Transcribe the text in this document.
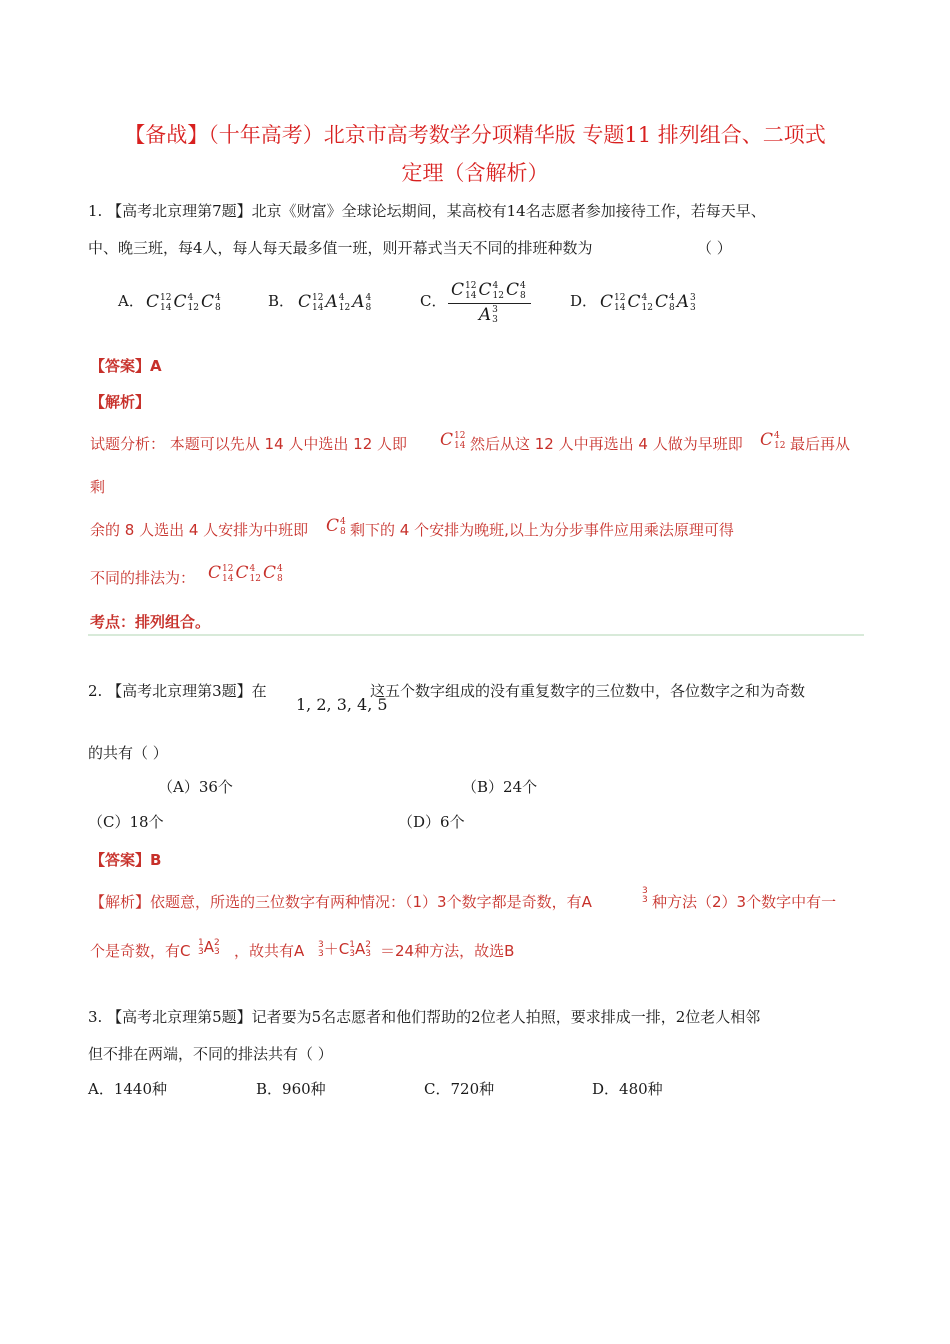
【备战】（十年高考）北京市高考数学分项精华版 专题11 排列组合、二项式
定理（含解析）
1. 【高考北京理第7题】北京《财富》全球论坛期间，某高校有14名志愿者参加接待工作，若每天早、
中、晚三班，每4人，每人每天最多值一班，则开幕式当天不同的排班种数为	（ ）
A． C 12
14 C 4
12 C 4
8	B． C 12
14 A 4
12 A 4
8	C． C 12
14 C 4
12 C 4
8
A 3
3	D． C 12
14 C 4
12 C 4
8 A 3
3
【答案】A
【解析】
试题分析： 本题可以先从 14 人中选出 12 人即 C 12
14 然后从这 12 人中再选出 4 人做为早班即 C 4
12 最后再从
剩
余的 8 人选出 4 人安排为中班即 C 4
8 剩下的 4 个安排为晚班,以上为分步事件应用乘法原理可得
不同的排法为： C 12
14 C 4
12 C 4
8
考点：排列组合。
2. 【高考北京理第3题】在
1, 2, 3, 4, 5
这五个数字组成的没有重复数字的三位数中，各位数字之和为奇数
的共有（ ）
（A）36个	（B）24个
（C）18个	（D）6个
【答案】B
【解析】依题意，所选的三位数字有两种情况：（1）3个数字都是奇数，有A
3
3 种方法（2）3个数字中有一
个是奇数，有C 1
3A2
3 ，故共有A 3
3＋C1
3A2
3 ＝24种方法，故选B
3. 【高考北京理第5题】记者要为5名志愿者和他们帮助的2位老人拍照，要求排成一排，2位老人相邻
但不排在两端，不同的排法共有（ ）
A．1440种	B．960种	C．720种	D．480种
